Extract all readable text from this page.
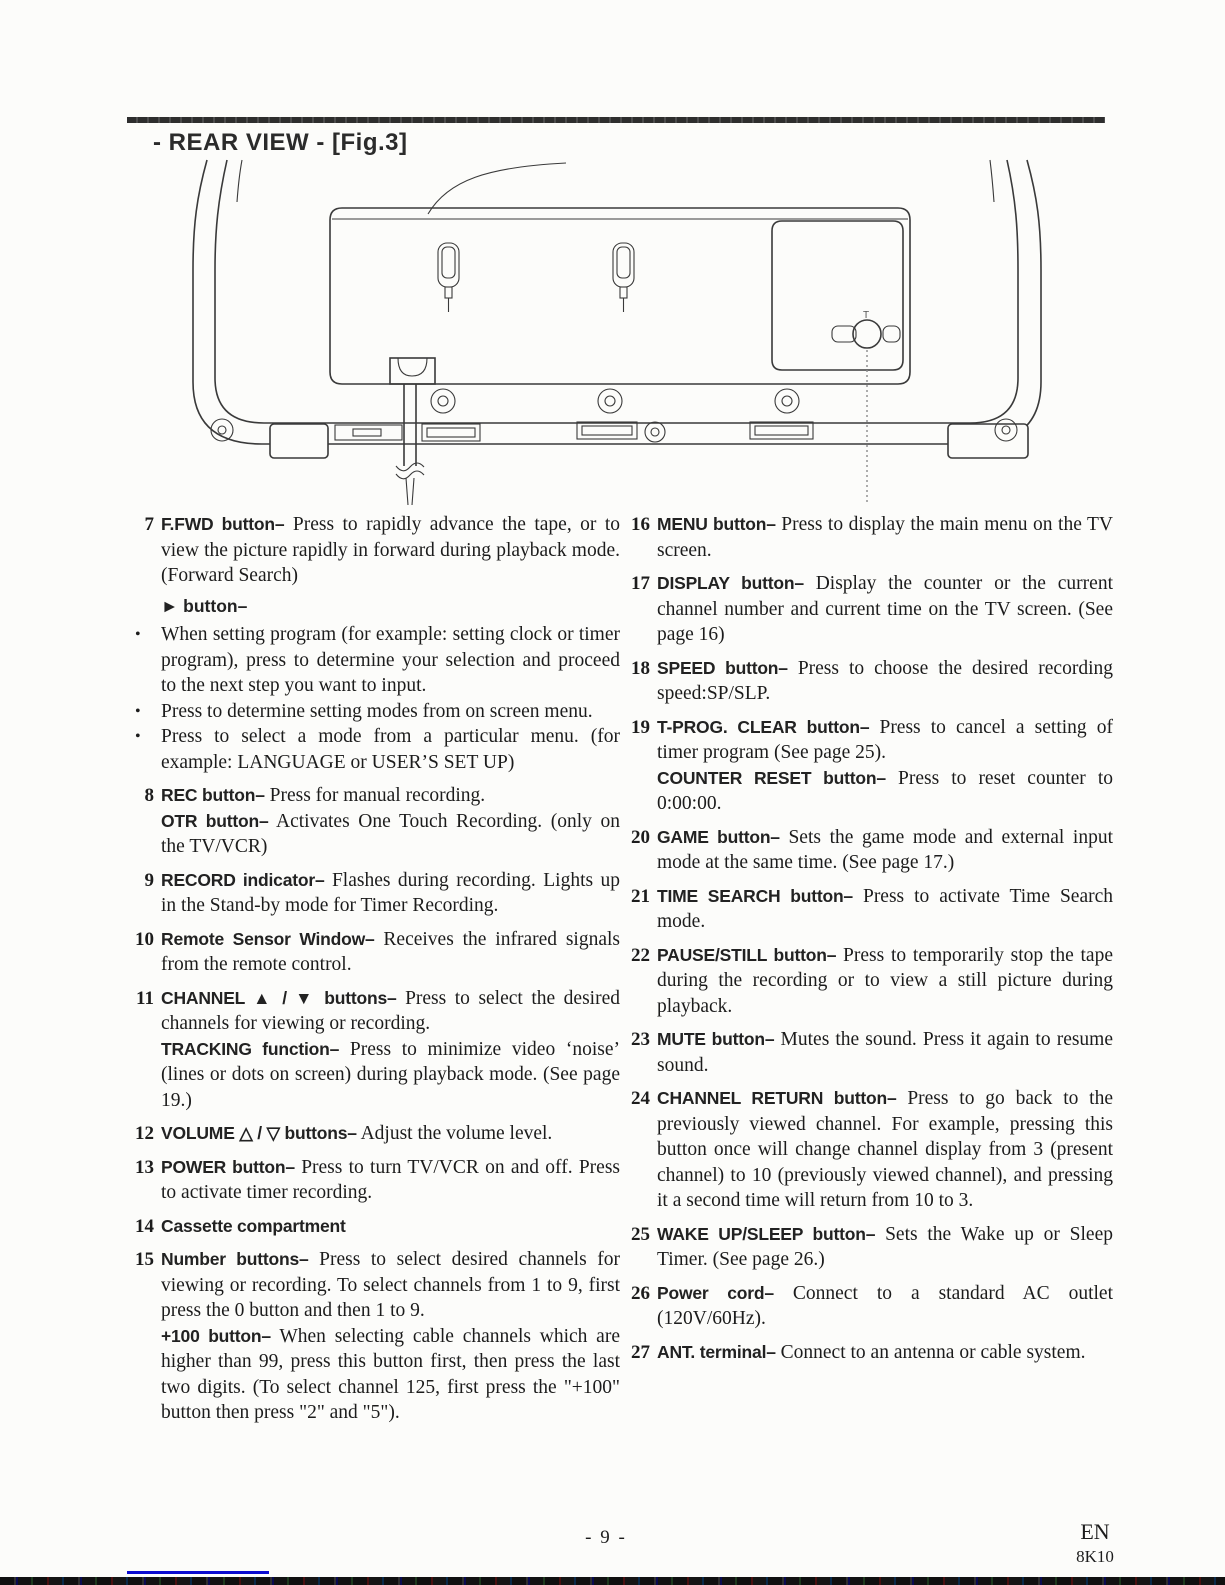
- REAR VIEW - [Fig.3]
T
7 F.FWD button– Press to rapidly advance the tape, or to view the picture rapidly in forward during playback mode. (Forward Search)

► button–

• When setting program (for example: setting clock or timer program), press to determine your selection and proceed to the next step you want to input.

• Press to determine setting modes from on screen menu.

• Press to select a mode from a particular menu. (for example: LANGUAGE or USER’S SET UP)

8 REC button– Press for manual recording.

OTR button– Activates One Touch Recording. (only on the TV/VCR)

9 RECORD indicator– Flashes during recording. Lights up in the Stand-by mode for Timer Recording.

10 Remote Sensor Window– Receives the infrared signals from the remote control.

11 CHANNEL ▲ / ▼ buttons– Press to select the desired channels for viewing or recording.

TRACKING function– Press to minimize video ‘noise’ (lines or dots on screen) during playback mode. (See page 19.)

12 VOLUME △ / ▽ buttons– Adjust the volume level.

13 POWER button– Press to turn TV/VCR on and off. Press to activate timer recording.

14 Cassette compartment

15 Number buttons– Press to select desired channels for viewing or recording. To select channels from 1 to 9, first press the 0 button and then 1 to 9.

+100 button– When selecting cable channels which are higher than 99, press this button first, then press the last two digits. (To select channel 125, first press the "+100" button then press "2" and "5").

16 MENU button– Press to display the main menu on the TV screen.

17 DISPLAY button– Display the counter or the current channel number and current time on the TV screen. (See page 16)

18 SPEED button– Press to choose the desired recording speed:SP/SLP.

19 T-PROG. CLEAR button– Press to cancel a setting of timer program (See page 25).

COUNTER RESET button– Press to reset counter to 0:00:00.

20 GAME button– Sets the game mode and external input mode at the same time. (See page 17.)

21 TIME SEARCH button– Press to activate Time Search mode.

22 PAUSE/STILL button– Press to temporarily stop the tape during the recording or to view a still picture during playback.

23 MUTE button– Mutes the sound. Press it again to resume sound.

24 CHANNEL RETURN button– Press to go back to the previously viewed channel. For example, pressing this button once will change channel display from 3 (present channel) to 10 (previously viewed channel), and pressing it a second time will return from 10 to 3.

25 WAKE UP/SLEEP button– Sets the Wake up or Sleep Timer. (See page 26.)

26 Power cord– Connect to a standard AC outlet (120V/60Hz).

27 ANT. terminal– Connect to an antenna or cable system.

- 9 -	EN
8K10
